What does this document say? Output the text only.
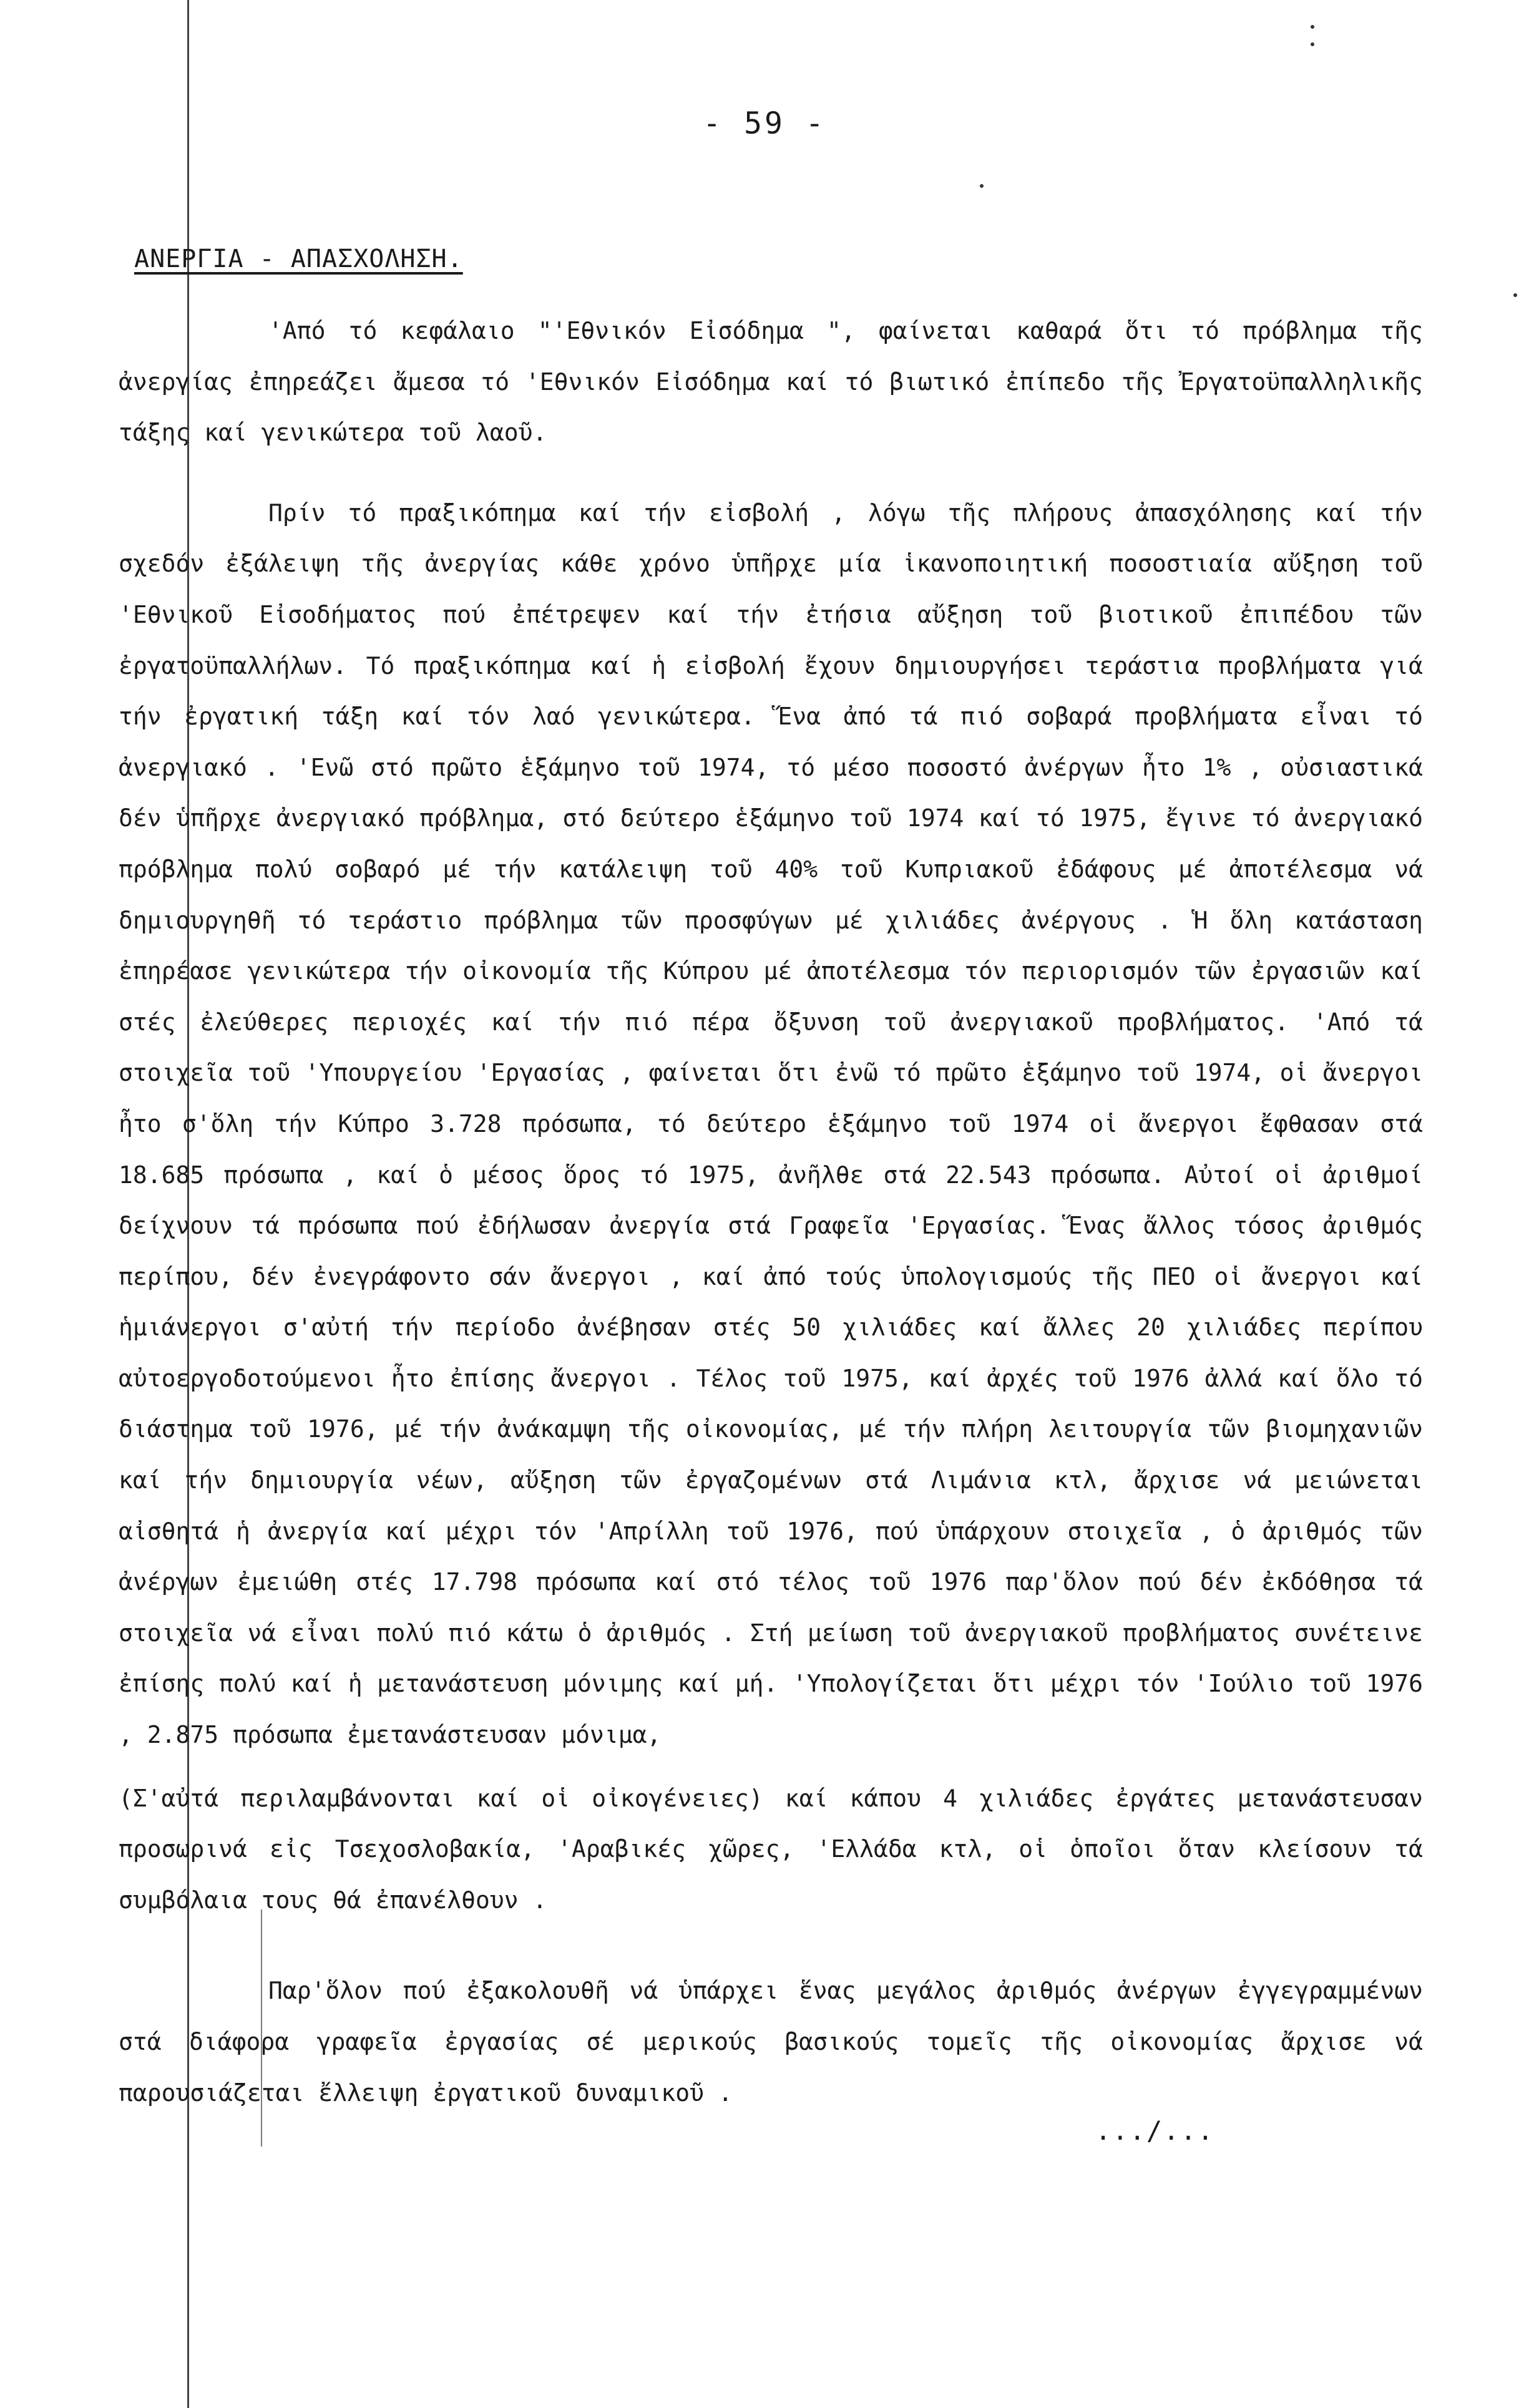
- 59 -
ΑΝΕΡΓΙΑ - ΑΠΑΣΧΟΛΗΣΗ.

'Από τό κεφάλαιο "'Εθνικόν Εἰσόδημα ", φαίνεται καθαρά ὅτι τό πρόβλημα τῆς ἀνεργίας ἐπηρεάζει ἄμεσα τό 'Εθνικόν Εἰσόδημα καί τό βιωτικό ἐπίπεδο τῆς Ἐργατοϋπαλληλικῆς τάξης καί γενικώτερα τοῦ λαοῦ.

Πρίν τό πραξικόπημα καί τήν εἰσβολή , λόγω τῆς πλήρους ἀπασχόλησης καί τήν σχεδόν ἐξάλειψη τῆς ἀνεργίας κάθε χρόνο ὑπῆρχε μία ἱκανοποιητική ποσοστιαία αὔξηση τοῦ 'Εθνικοῦ Εἰσοδήματος πού ἐπέτρεψεν καί τήν ἐτήσια αὔξηση τοῦ βιοτικοῦ ἐπιπέδου τῶν ἐργατοϋπαλλήλων. Τό πραξικόπημα καί ἡ εἰσβολή ἔχουν δημιουργήσει τεράστια προβλήματα γιά τήν ἐργατική τάξη καί τόν λαό γενικώτερα. Ἕνα ἀπό τά πιό σοβαρά προβλήματα εἶναι τό ἀνεργιακό . 'Ενῶ στό πρῶτο ἑξάμηνο τοῦ 1974, τό μέσο ποσοστό ἀνέργων ἦτο 1% , οὐσιαστικά δέν ὑπῆρχε ἀνεργιακό πρόβλημα, στό δεύτερο ἑξάμηνο τοῦ 1974 καί τό 1975, ἔγινε τό ἀνεργιακό πρόβλημα πολύ σοβαρό μέ τήν κατάλειψη τοῦ 40% τοῦ Κυπριακοῦ ἐδάφους μέ ἀποτέλεσμα νά δημιουργηθῆ τό τεράστιο πρόβλημα τῶν προσφύγων μέ χιλιάδες ἀνέργους . Ἡ ὅλη κατάσταση ἐπηρέασε γενικώτερα τήν οἰκονομία τῆς Κύπρου μέ ἀποτέλεσμα τόν περιορισμόν τῶν ἐργασιῶν καί στές ἐλεύθερες περιοχές καί τήν πιό πέρα ὄξυνση τοῦ ἀνεργιακοῦ προβλήματος. 'Από τά στοιχεῖα τοῦ 'Υπουργείου 'Εργασίας , φαίνεται ὅτι ἐνῶ τό πρῶτο ἑξάμηνο τοῦ 1974, οἱ ἄνεργοι ἦτο σ'ὅλη τήν Κύπρο 3.728 πρόσωπα, τό δεύτερο ἑξάμηνο τοῦ 1974 οἱ ἄνεργοι ἔφθασαν στά 18.685 πρόσωπα , καί ὁ μέσος ὅρος τό 1975, ἀνῆλθε στά 22.543 πρόσωπα. Αὐτοί οἱ ἀριθμοί δείχνουν τά πρόσωπα πού ἐδήλωσαν ἀνεργία στά Γραφεῖα 'Εργασίας. Ἕνας ἄλλος τόσος ἀριθμός περίπου, δέν ἐνεγράφοντο σάν ἄνεργοι , καί ἀπό τούς ὑπολογισμούς τῆς ΠΕΟ οἱ ἄνεργοι καί ἡμιάνεργοι σ'αὐτή τήν περίοδο ἀνέβησαν στές 50 χιλιάδες καί ἄλλες 20 χιλιάδες περίπου αὐτοεργοδοτούμενοι ἦτο ἐπίσης ἄνεργοι . Τέλος τοῦ 1975, καί ἀρχές τοῦ 1976 ἀλλά καί ὅλο τό διάστημα τοῦ 1976, μέ τήν ἀνάκαμψη τῆς οἰκονομίας, μέ τήν πλήρη λειτουργία τῶν βιομηχανιῶν καί τήν δημιουργία νέων, αὔξηση τῶν ἐργαζομένων στά Λιμάνια κτλ, ἄρχισε νά μειώνεται αἰσθητά ἡ ἀνεργία καί μέχρι τόν 'Απρίλλη τοῦ 1976, πού ὑπάρχουν στοιχεῖα , ὁ ἀριθμός τῶν ἀνέργων ἐμειώθη στές 17.798 πρόσωπα καί στό τέλος τοῦ 1976 παρ'ὅλον πού δέν ἐκδόθησα τά στοιχεῖα νά εἶναι πολύ πιό κάτω ὁ ἀριθμός . Στή μείωση τοῦ ἀνεργιακοῦ προβλήματος συνέτεινε ἐπίσης πολύ καί ἡ μετανάστευση μόνιμης καί μή. 'Υπολογίζεται ὅτι μέχρι τόν 'Ιούλιο τοῦ 1976 , 2.875 πρόσωπα ἐμετανάστευσαν μόνιμα,

(Σ'αὐτά περιλαμβάνονται καί οἱ οἰκογένειες) καί κάπου 4 χιλιάδες ἐργάτες μετανάστευσαν προσωρινά εἰς Τσεχοσλοβακία, 'Αραβικές χῶρες, 'Ελλάδα κτλ, οἱ ὁποῖοι ὅταν κλείσουν τά συμβόλαια τους θά ἐπανέλθουν .

Παρ'ὅλον πού ἐξακολουθῆ νά ὑπάρχει ἕνας μεγάλος ἀριθμός ἀνέργων ἐγγεγραμμένων στά διάφορα γραφεῖα ἐργασίας σέ μερικούς βασικούς τομεῖς τῆς οἰκονομίας ἄρχισε νά παρουσιάζεται ἔλλειψη ἐργατικοῦ δυναμικοῦ .

.../...
